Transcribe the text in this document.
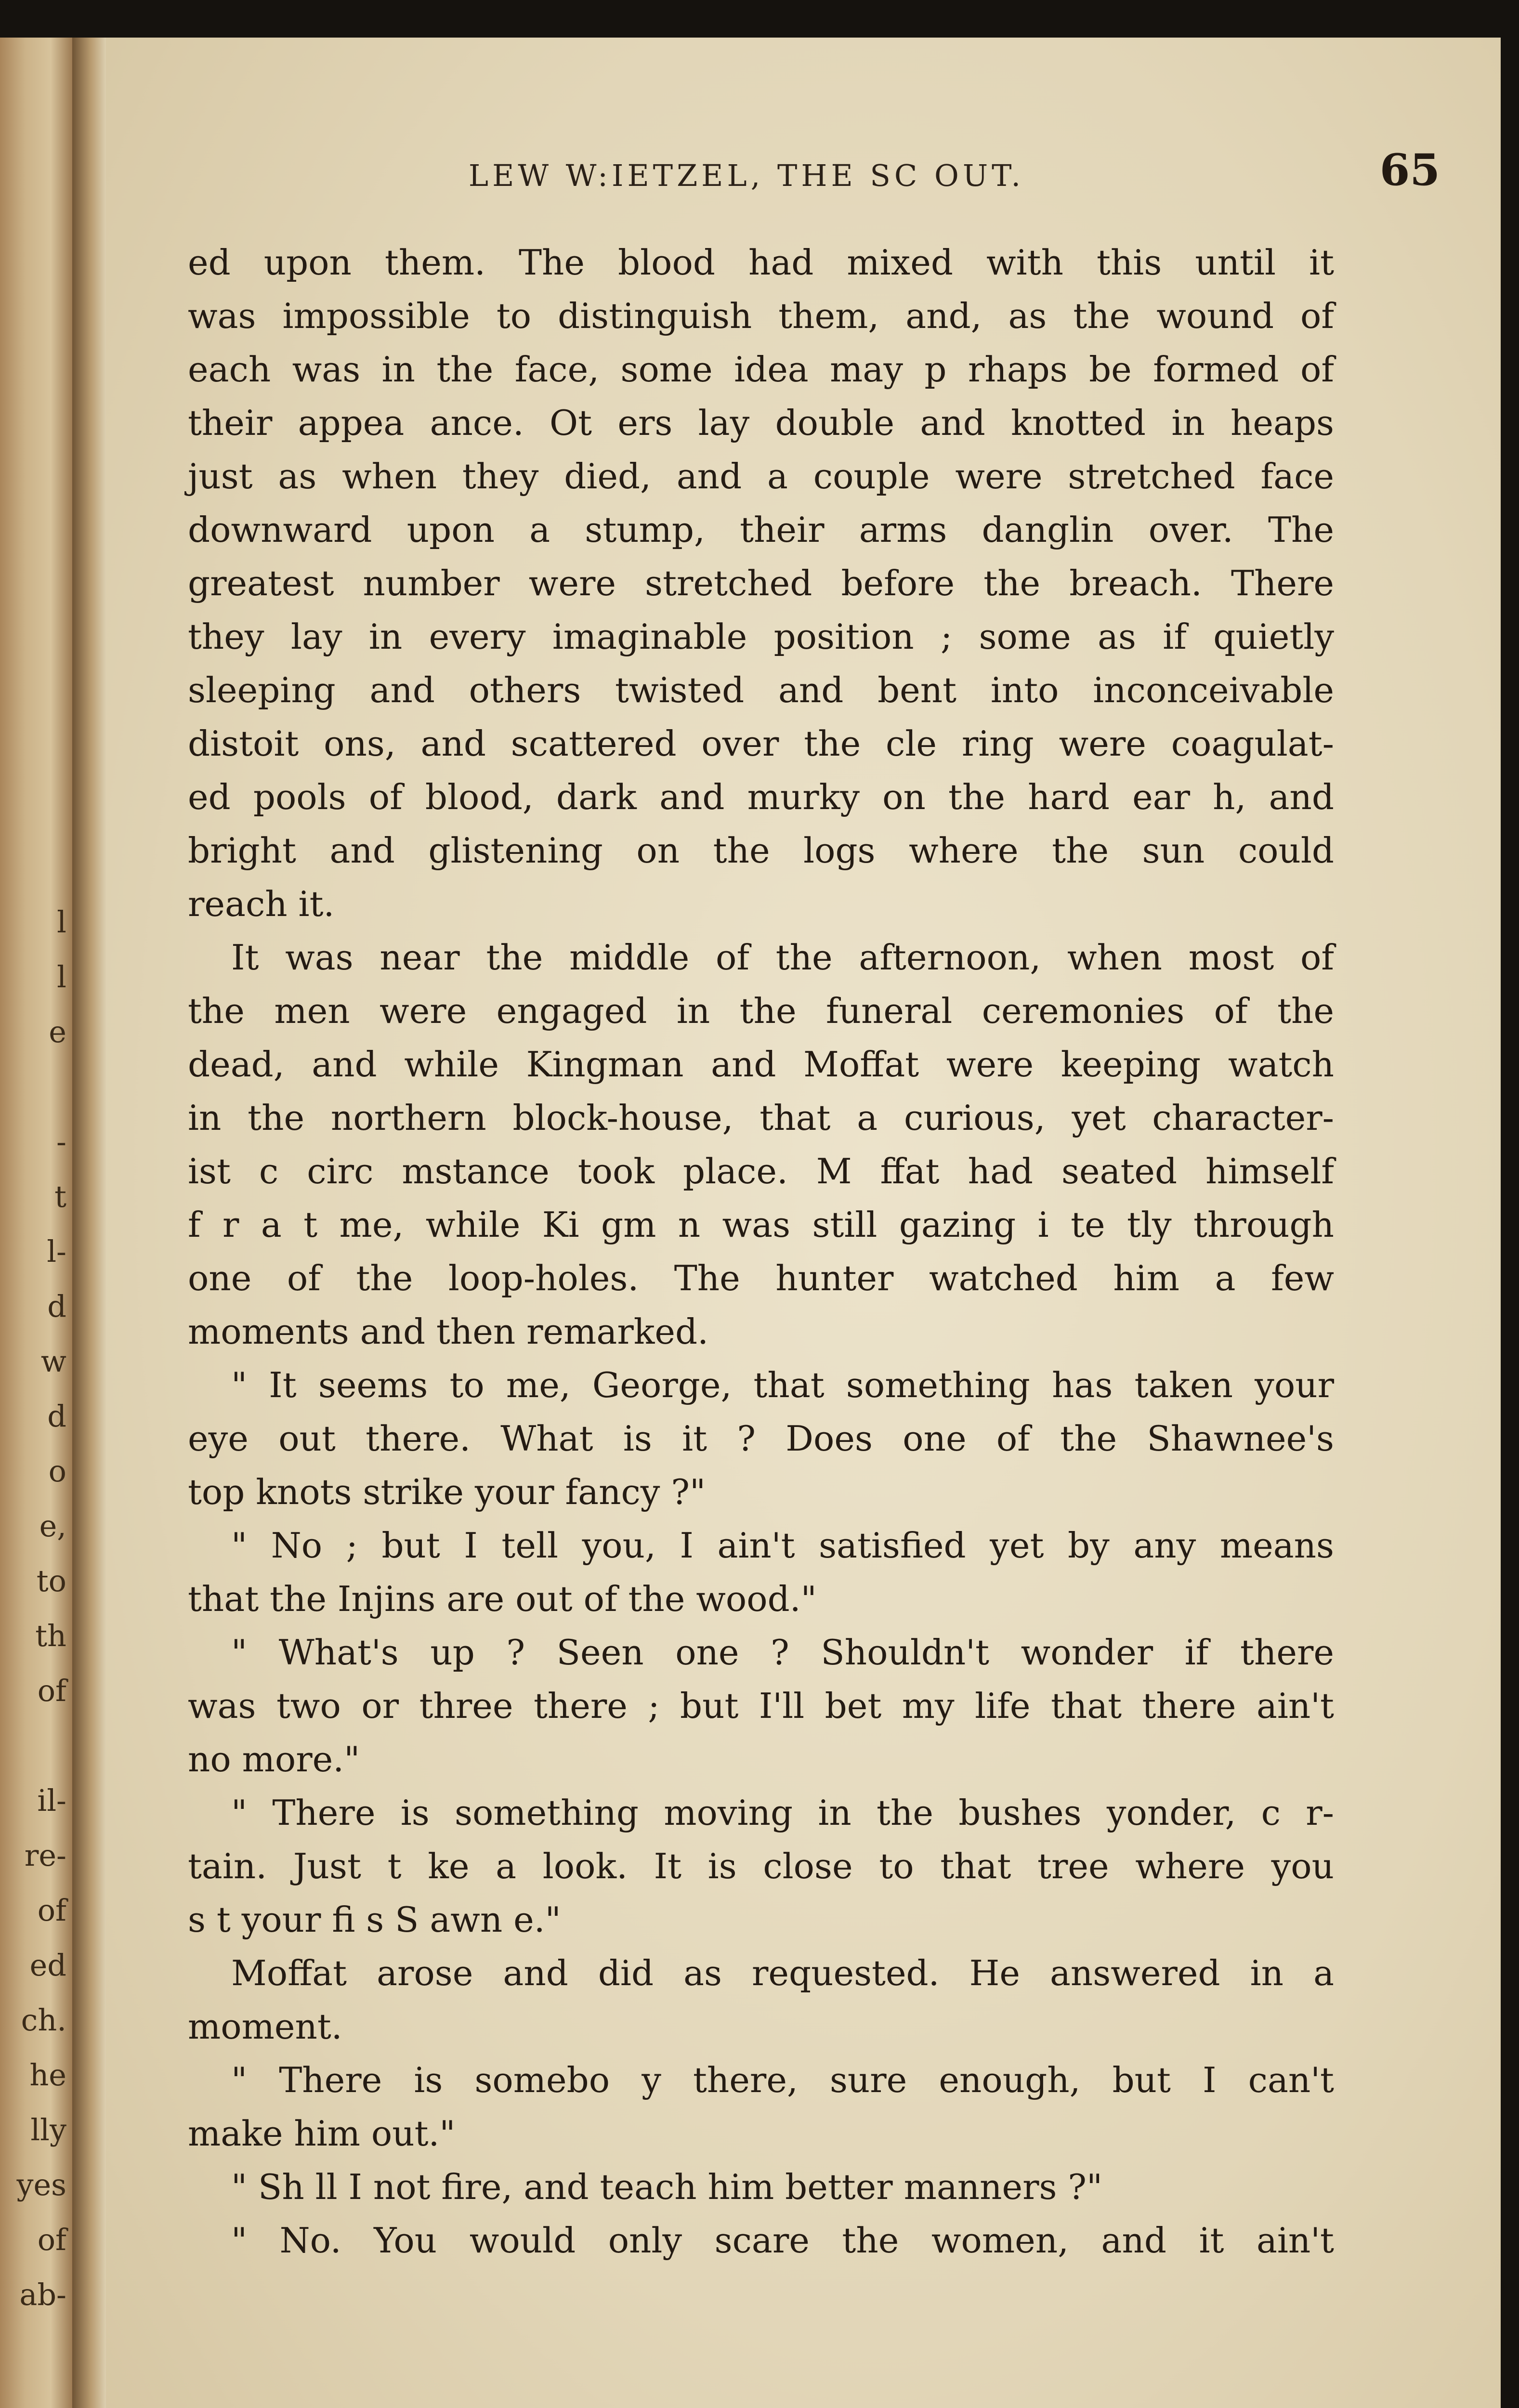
l
l
e
-
t
l-
d
w
d
o
e,
to
th
of
il-
re-
of
ed
ch.
he
lly
yes
of
ab-
LEW W:IETZEL, THE SC OUT.	65
ed upon them. The blood had mixed with this until it
was impossible to distinguish them, and, as the wound of
each was in the face, some idea may p rhaps be formed of
their appea ance. Ot ers lay double and knotted in heaps
just as when they died, and a couple were stretched face
downward upon a stump, their arms danglin over. The
greatest number were stretched before the breach. There
they lay in every imaginable position ; some as if quietly
sleeping and others twisted and bent into inconceivable
distoit ons, and scattered over the cle ring were coagulat-
ed pools of blood, dark and murky on the hard ear h, and
bright and glistening on the logs where the sun could
reach it.
It was near the middle of the afternoon, when most of
the men were engaged in the funeral ceremonies of the
dead, and while Kingman and Moffat were keeping watch
in the northern block-house, that a curious, yet character-
ist c circ mstance took place. M ffat had seated himself
f r a t me, while Ki gm n was still gazing i te tly through
one of the loop-holes. The hunter watched him a few
moments and then remarked.
" It seems to me, George, that something has taken your
eye out there. What is it ? Does one of the Shawnee's
top knots strike your fancy ?"
" No ; but I tell you, I ain't satisfied yet by any means
that the Injins are out of the wood."
" What's up ? Seen one ? Shouldn't wonder if there
was two or three there ; but I'll bet my life that there ain't
no more."
" There is something moving in the bushes yonder, c r-
tain. Just t ke a look. It is close to that tree where you
s t your fi s S awn e."
Moffat arose and did as requested. He answered in a
moment.
" There is somebo y there, sure enough, but I can't
make him out."
" Sh ll I not fire, and teach him better manners ?"
" No. You would only scare the women, and it ain't
